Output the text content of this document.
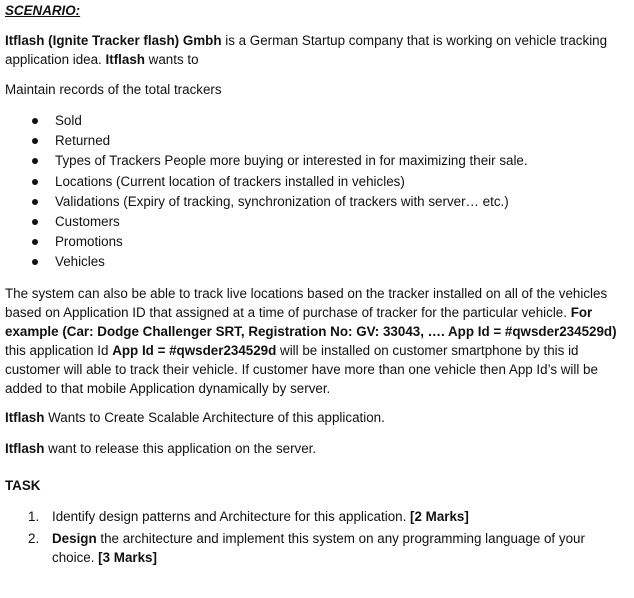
SCENARIO:

Itflash (Ignite Tracker flash) Gmbh is a German Startup company that is working on vehicle tracking application idea. Itflash wants to

Maintain records of the total trackers

Sold
Returned
Types of Trackers People more buying or interested in for maximizing their sale.
Locations (Current location of trackers installed in vehicles)
Validations (Expiry of tracking, synchronization of trackers with server… etc.)
Customers
Promotions
Vehicles

The system can also be able to track live locations based on the tracker installed on all of the vehicles based on Application ID that assigned at a time of purchase of tracker for the particular vehicle. For example (Car: Dodge Challenger SRT, Registration No: GV: 33043, …. App Id = #qwsder234529d) this application Id App Id = #qwsder234529d will be installed on customer smartphone by this id customer will able to track their vehicle. If customer have more than one vehicle then App Id’s will be added to that mobile Application dynamically by server.

Itflash Wants to Create Scalable Architecture of this application.

Itflash want to release this application on the server.

TASK

1. Identify design patterns and Architecture for this application. [2 Marks]
2. Design the architecture and implement this system on any programming language of your choice. [3 Marks]
